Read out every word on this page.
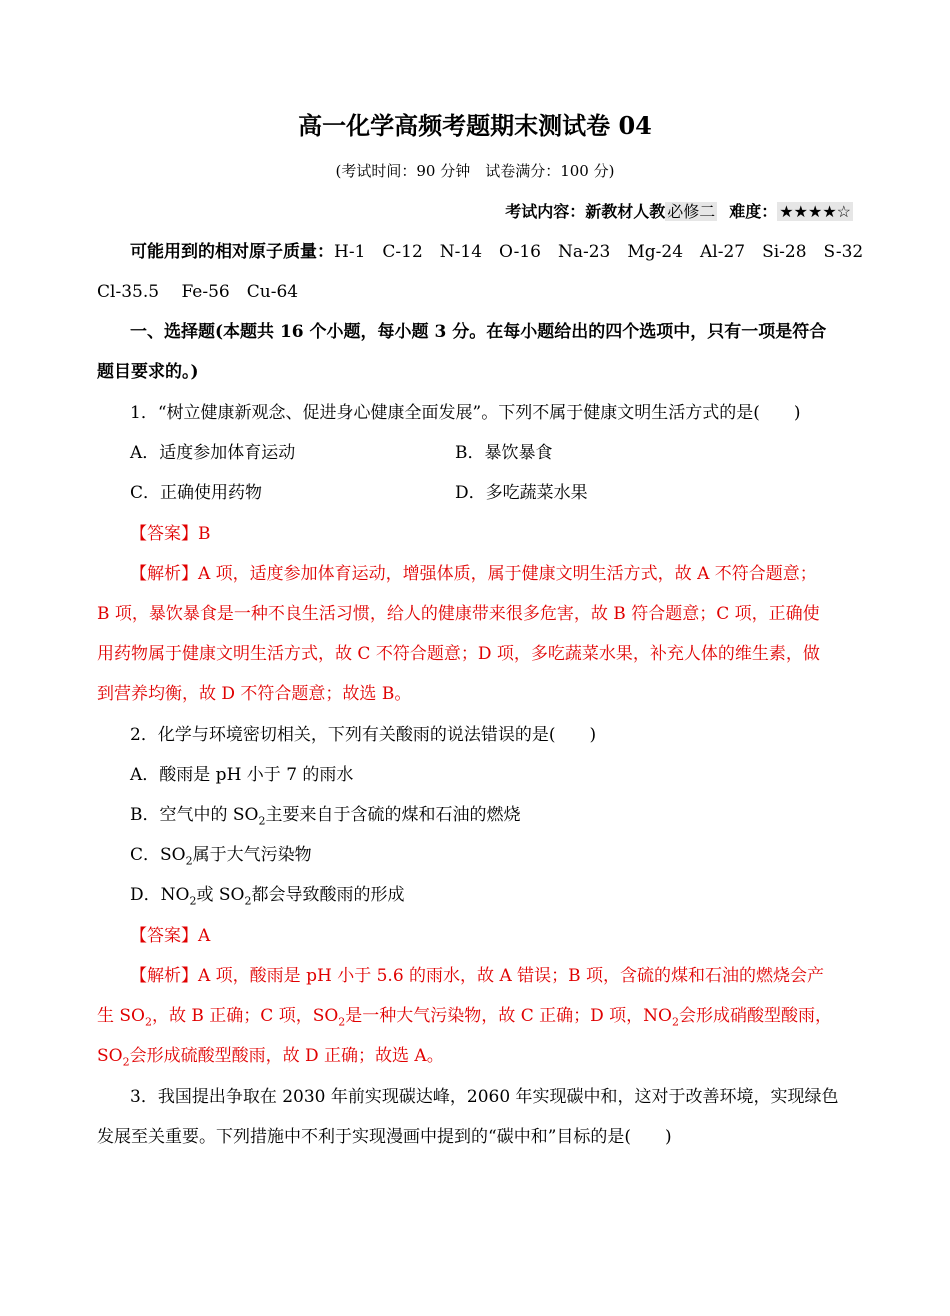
高一化学高频考题期末测试卷 04
(考试时间：90 分钟　试卷满分：100 分)
考试内容：新教材人教 必修二 难度： ★★★★☆
可能用到的相对原子质量：H-1　C-12　N-14　O-16　Na-23　Mg-24　Al-27　Si-28　S-32
Cl-35.5　 Fe-56　Cu-64
一、选择题(本题共 16 个小题，每小题 3 分。在每小题给出的四个选项中，只有一项是符合
题目要求的。)
1．“树立健康新观念、促进身心健康全面发展”。下列不属于健康文明生活方式的是(　　)
A．适度参加体育运动	B．暴饮暴食
C．正确使用药物	D．多吃蔬菜水果
【答案】B
【解析】A 项，适度参加体育运动，增强体质，属于健康文明生活方式，故 A 不符合题意；
B 项，暴饮暴食是一种不良生活习惯，给人的健康带来很多危害，故 B 符合题意；C 项，正确使
用药物属于健康文明生活方式，故 C 不符合题意；D 项，多吃蔬菜水果，补充人体的维生素，做
到营养均衡，故 D 不符合题意；故选 B。
2．化学与环境密切相关，下列有关酸雨的说法错误的是(　　)
A．酸雨是 pH 小于 7 的雨水
B．空气中的 $SO_2$主要来自于含硫的煤和石油的燃烧
C．$SO_2$属于大气污染物
D．$NO_2$或 $SO_2$都会导致酸雨的形成
【答案】A
【解析】A 项，酸雨是 pH 小于 5.6 的雨水，故 A 错误；B 项，含硫的煤和石油的燃烧会产
生 $SO_2$，故 B 正确；C 项，$SO_2$是一种大气污染物，故 C 正确；D 项，$NO_2$会形成硝酸型酸雨，
$SO_2$会形成硫酸型酸雨，故 D 正确；故选 A。
3．我国提出争取在 2030 年前实现碳达峰，2060 年实现碳中和，这对于改善环境，实现绿色
发展至关重要。下列措施中不利于实现漫画中提到的“碳中和”目标的是(　　)
